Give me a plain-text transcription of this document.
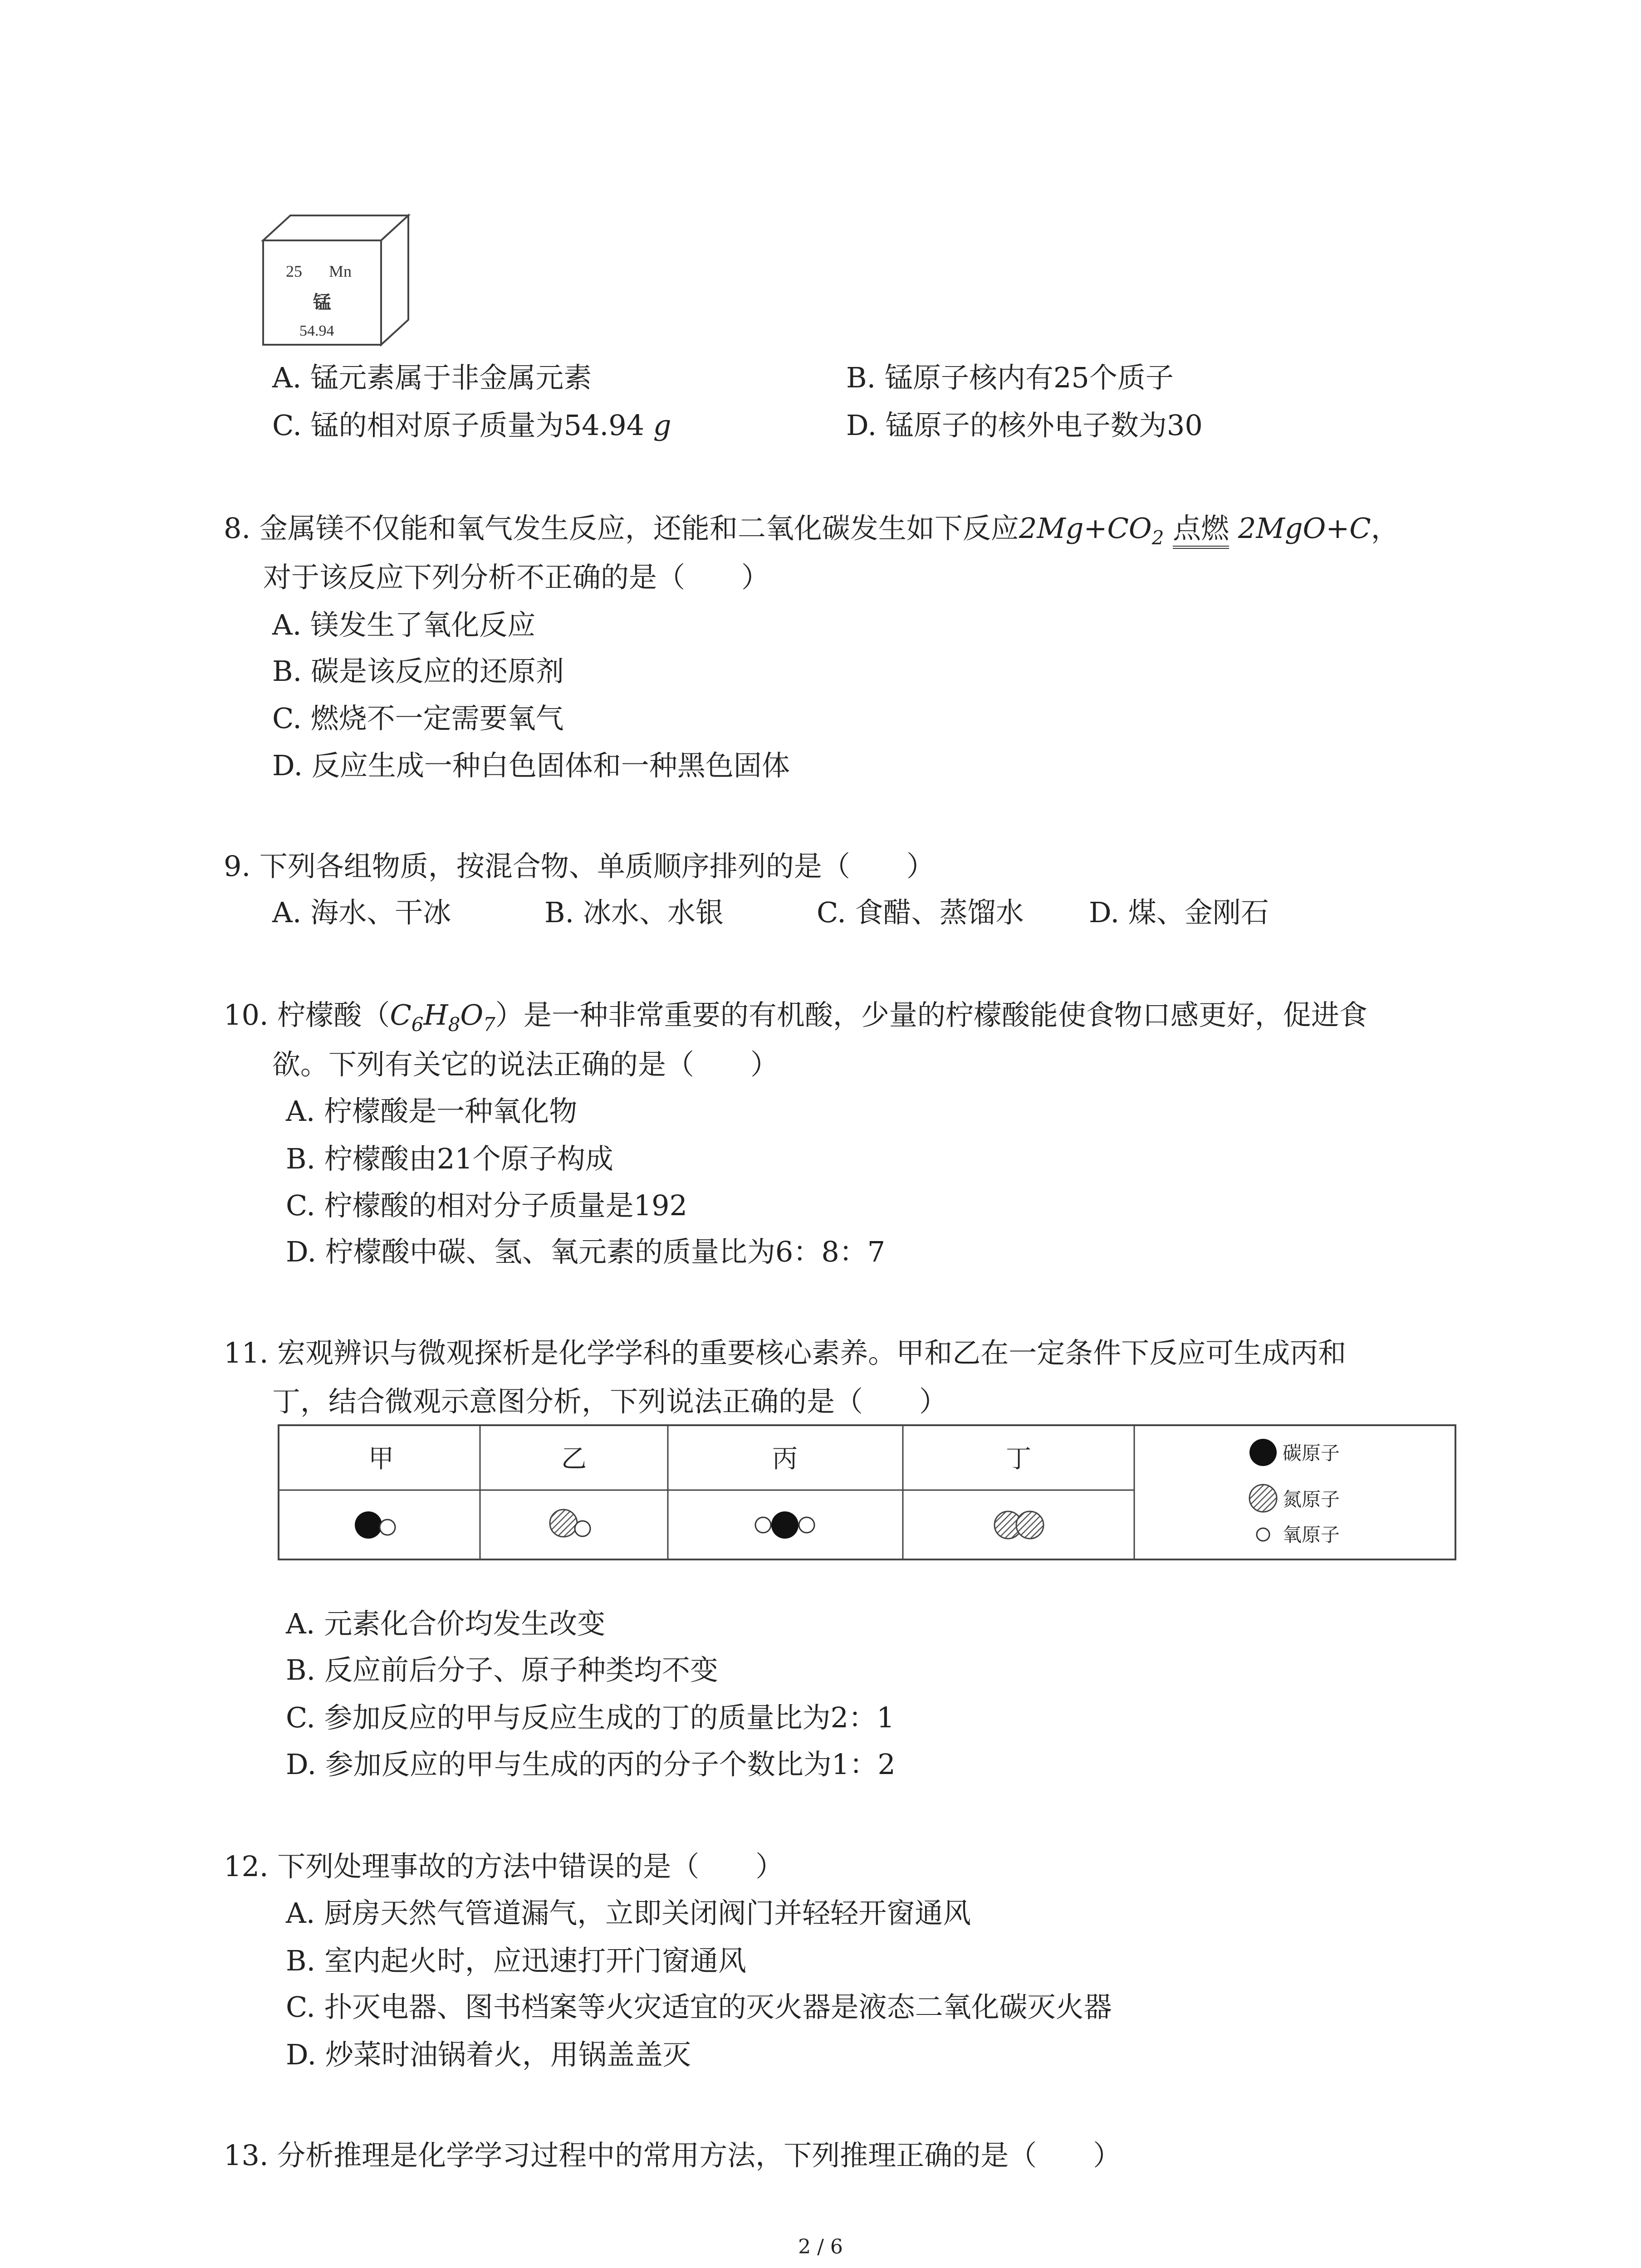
25 Mn
锰
54.94
A. 锰元素属于非金属元素	B. 锰原子核内有25个质子
C. 锰的相对原子质量为54.94 g	D. 锰原子的核外电子数为30
8. 金属镁不仅能和氧气发生反应，还能和二氧化碳发生如下反应$2Mg+CO_2$ 点燃 2MgO+C，
对于该反应下列分析不正确的是（　　）
A. 镁发生了氧化反应
B. 碳是该反应的还原剂
C. 燃烧不一定需要氧气
D. 反应生成一种白色固体和一种黑色固体
9. 下列各组物质，按混合物、单质顺序排列的是（　　）
A. 海水、干冰	B. 冰水、水银	C. 食醋、蒸馏水 D. 煤、金刚石
10. 柠檬酸$(C_6H_8O_7)$是一种非常重要的有机酸，少量的柠檬酸能使食物口感更好，促进食
欲。下列有关它的说法正确的是（　　）
A. 柠檬酸是一种氧化物
B. 柠檬酸由21个原子构成
C. 柠檬酸的相对分子质量是192
D. 柠檬酸中碳、氢、氧元素的质量比为6：8：7
11. 宏观辨识与微观探析是化学学科的重要核心素养。甲和乙在一定条件下反应可生成丙和
丁，结合微观示意图分析，下列说法正确的是（　　）
甲	乙	丙	丁	碳原子
氮原子
氧原子
A. 元素化合价均发生改变
B. 反应前后分子、原子种类均不变
C. 参加反应的甲与反应生成的丁的质量比为2：1
D. 参加反应的甲与生成的丙的分子个数比为1：2
12. 下列处理事故的方法中错误的是（　　）
A. 厨房天然气管道漏气，立即关闭阀门并轻轻开窗通风
B. 室内起火时，应迅速打开门窗通风
C. 扑灭电器、图书档案等火灾适宜的灭火器是液态二氧化碳灭火器
D. 炒菜时油锅着火，用锅盖盖灭
13. 分析推理是化学学习过程中的常用方法，下列推理正确的是（　　）
2 / 6
